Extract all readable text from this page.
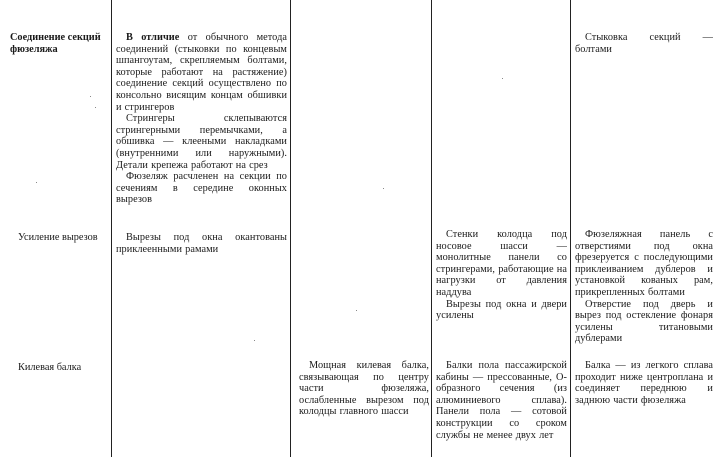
Соединение секций фюзеляжа

В отличие от обычного метода соединений (стыковки по концевым шпангоутам, скрепляемым болтами, которые работают на растяжение) соединение секций осуществлено по консольно висящим концам обшивки и стрингеров

Стрингеры склепываются стрингерными перемычками, а обшивка — клееными накладками (внутренними или наружными). Детали крепежа работают на срез

Фюзеляж расчленен на секции по сечениям в середине оконных вырезов

Стыковка секций — болтами

Усиление вырезов	Вырезы под окна окантованы приклеенными рамами

Стенки колодца под носовое шасси — монолитные панели со стрингерами, работающие на нагрузки от давления наддува

Вырезы под окна и двери усилены

Фюзеляжная панель с отверстиями под окна фрезеруется с последующими приклеиванием дублеров и установкой кованых рам, прикрепленных болтами

Отверстие под дверь и вырез под остекление фонаря усилены титановыми дублерами

Килевая балка	Мощная килевая балка, связывающая по центру части фюзеляжа, ослабленные вырезом под колодцы главного шасси

Балки пола пассажирской кабины — прессованные, О-образного сечения (из алюминиевого сплава). Панели пола — сотовой конструкции со сроком службы не менее двух лет

Балка — из легкого сплава проходит ниже центроплана и соединяет переднюю и заднюю части фюзеляжа
